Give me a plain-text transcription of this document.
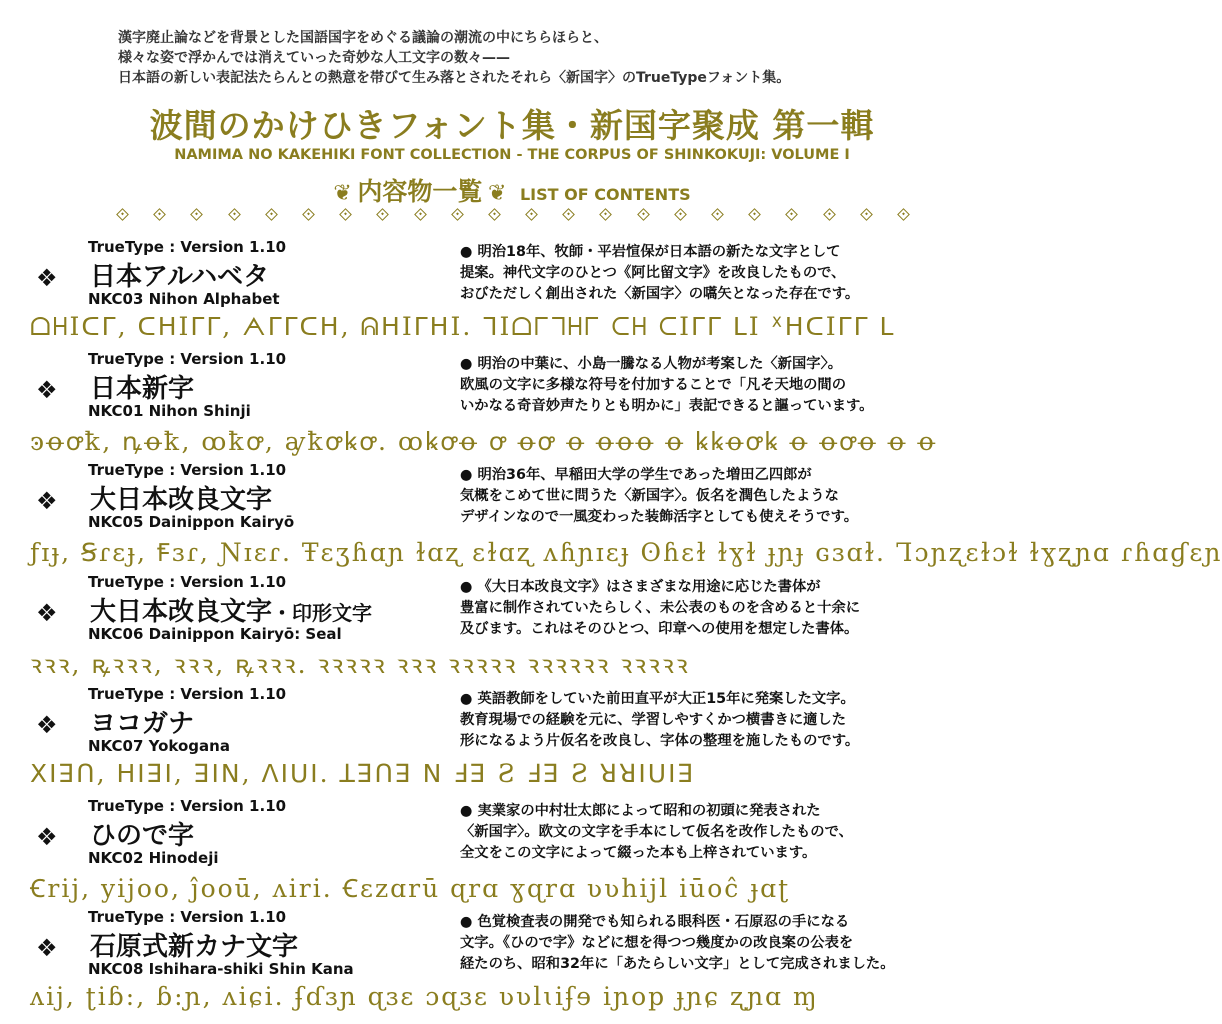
漢字廃止論などを背景とした国語国字をめぐる議論の潮流の中にちらほらと、
様々な姿で浮かんでは消えていった奇妙な人工文字の数々——
日本語の新しい表記法たらんとの熱意を帯びて生み落とされたそれら〈新国字〉のTrueTypeフォント集。
波間のかけひきフォント集・新国字聚成 第一輯
NAMIMA NO KAKEHIKI FONT COLLECTION - THE CORPUS OF SHINKOKUJI: VOLUME I
❦ 内容物一覧 ❦ LIST OF CONTENTS
TrueType : Version 1.10
❖ 日本アルハベタ
NKC03 Nihon Alphabet
● 明治18年、牧師・平岩愃保が日本語の新たな文字として
提案。神代文字のひとつ《阿比留文字》を改良したもので、
おびただしく創出された〈新国字〉の嚆矢となった存在です。
ᗝᕼIᑕᒥ, ᑕᕼIᒥᒥ, ᗅᒥᒥᑕᕼ, ᕱᕼIᒥᕼI. ᒣIᗝᒥᒣᕼᒥ ᑕᕼ ᑕIᒥᒥ ᒪI ᕽᕼᑕIᒥᒥ ᒪ
TrueType : Version 1.10
❖ 日本新字
NKC01 Nihon Shinji
● 明治の中葉に、小島一騰なる人物が考案した〈新国字〉。
欧風の文字に多様な符号を付加することで「凡そ天地の間の
いかなる奇音妙声たりとも明かに」表記できると謳っています。
ꜿꝋꝍꝁ, ꝴꝋꝁ, ꝏꝁꝍ, ꜽꝁꝍꝃꝍ. ꝏꝃꝍꝋ ꝍ ꝋꝍ ꝋ ꝋꝋꝋ ꝋ ꝃꝃꝋꝍꝃ ꝋ ꝋꝍꝋ ꝋ ꝋ
TrueType : Version 1.10
❖ 大日本改良文字
NKC05 Dainippon Kairyō
● 明治36年、早稲田大学の学生であった増田乙四郎が
気概をこめて世に問うた〈新国字〉。仮名を潤色したような
デザインなので一風変わった装飾活字としても使えそうです。
ƒɪɟ, Ꞩɾɛɟ, Ꞙɜɾ, Ɲɪɛɾ. Ŧɛʒɦɑɲ ɫɑʐ ɛɫɑʐ ʌɦɲɪɛɟ ʘɦɛɫ ɫɣɫ ɟɲɟ ɢɜɑɫ. Ꞁɔɲʐɛɫɔɫ ɫɣʐɲɑ ɾɦɑɠɛɲ
TrueType : Version 1.10
❖ 大日本改良文字・印形文字
NKC06 Dainippon Kairyō: Seal
● 《大日本改良文字》はさまざまな用途に応じた書体が
豊富に制作されていたらしく、未公表のものを含めると十余に
及びます。これはそのひとつ、印章への使用を想定した書体。
ꝛꝛꝛ, ꝶꝛꝛꝛ, ꝛꝛꝛ, ꝶꝛꝛꝛ. ꝛꝛꝛꝛꝛ ꝛꝛꝛ ꝛꝛꝛꝛꝛ ꝛꝛꝛꝛꝛꝛ ꝛꝛꝛꝛꝛ
TrueType : Version 1.10
❖ ヨコガナ
NKC07 Yokogana
● 英語教師をしていた前田直平が大正15年に発案した文字。
教育現場での経験を元に、学習しやすくかつ横書きに適した
形になるよう片仮名を改良し、字体の整理を施したものです。
ꓫꓲꓱꓵ, ꓧꓲꓱꓲ, ꓱꓲꓠ, ꓥꓲꓴꓲ. ꓕꓱꓵꓱ ꓠ ꓞꓱ Ꙅ ꓞꓱ Ꙅ ꓤꓤꓲꓴꓲꓱ
TrueType : Version 1.10
❖ ひので字
NKC02 Hinodeji
● 実業家の中村壮太郎によって昭和の初頭に発表された
〈新国字〉。欧文の文字を手本にして仮名を改作したもので、
全文をこの文字によって綴った本も上梓されています。
Ꞓrij, yijoo, ĵooū, ʌiri. Ꞓɛzɑrū ɋrɑ ɣɋrɑ ʋʋhijl iūoĉ ɟɑʈ
TrueType : Version 1.10
❖ 石原式新カナ文字
NKC08 Ishihara-shiki Shin Kana
● 色覚検査表の開発でも知られる眼科医・石原忍の手になる
文字。《ひので字》などに想を得つつ幾度かの改良案の公表を
経たのち、昭和32年に「あたらしい文字」として完成されました。
ʌij, ʈiɓ:, ɓ:ɲ, ʌiɕi. ʄɗɜɲ ɋɜɛ ɔɋɜɛ ʋʋlɩiʄɘ iɲop ɟɲɕ ʐɲɑ ɱ
